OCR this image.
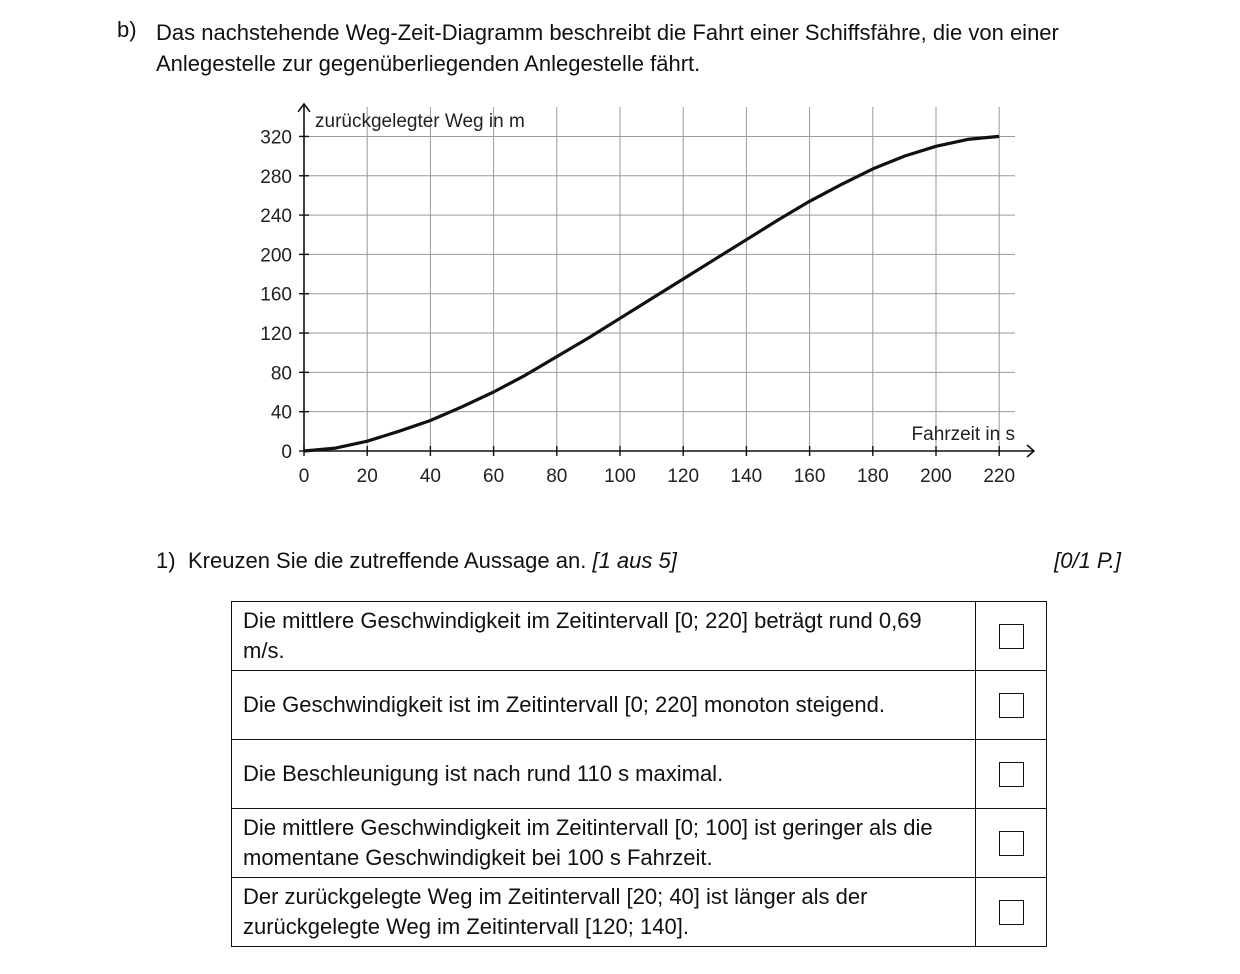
b) Das nachstehende Weg-Zeit-Diagramm beschreibt die Fahrt einer Schiffsfähre, die von einer Anlegestelle zur gegenüberliegenden Anlegestelle fährt.
0 20 40 60 80 100 120 140 160 180 200 220
0
40
80
120
160
200
240
280
320
zurückgelegter Weg in m
Fahrzeit in s
1) Kreuzen Sie die zutreffende Aussage an. [1 aus 5]	[0/1 P.]
Die mittlere Geschwindigkeit im Zeitintervall [0; 220] beträgt rund 0,69 m/s.	
Die Geschwindigkeit ist im Zeitintervall [0; 220] monoton steigend.	
Die Beschleunigung ist nach rund 110 s maximal.	
Die mittlere Geschwindigkeit im Zeitintervall [0; 100] ist geringer als die momentane Geschwindigkeit bei 100 s Fahrzeit.	
Der zurückgelegte Weg im Zeitintervall [20; 40] ist länger als der zurückgelegte Weg im Zeitintervall [120; 140].	
